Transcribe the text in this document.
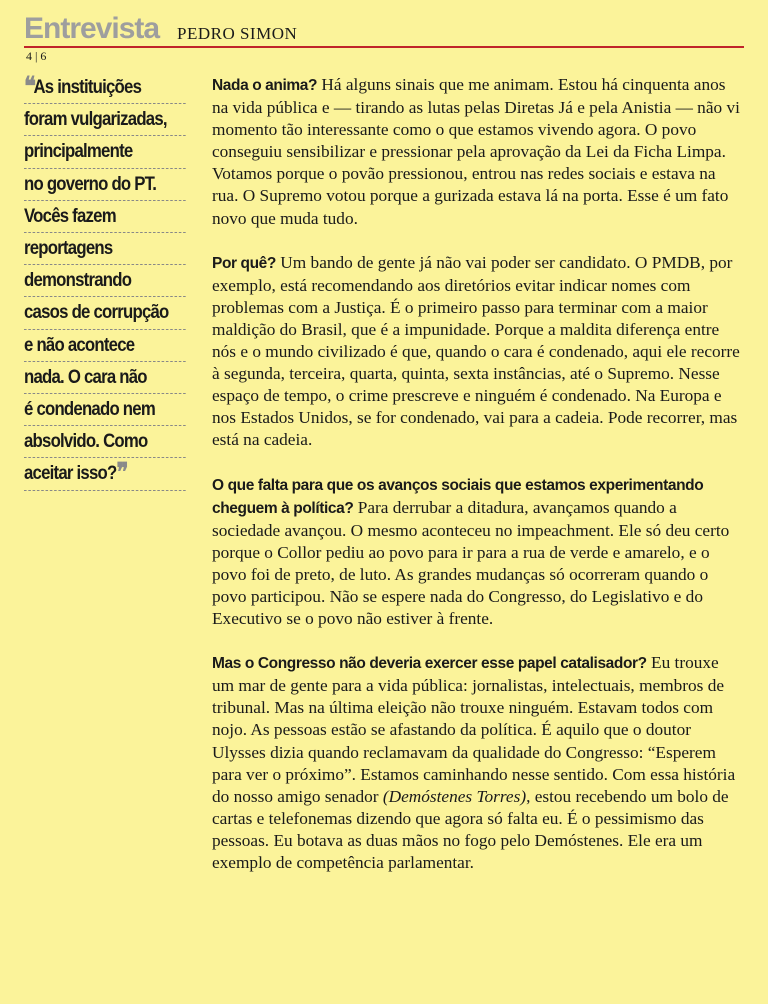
Entrevista PEDRO SIMON
4 | 6
❝As instituições
foram vulgarizadas,
principalmente
no governo do PT.
Vocês fazem
reportagens
demonstrando
casos de corrupção
e não acontece
nada. O cara não
é condenado nem
absolvido. Como
aceitar isso?❞

Nada o anima? Há alguns sinais que me animam. Estou há cinquenta anos na vida pública e — tirando as lutas pelas Diretas Já e pela Anistia — não vi momento tão interessante como o que estamos vivendo agora. O povo conseguiu sensibilizar e pressionar pela aprovação da Lei da Ficha Limpa. Votamos porque o povão pressionou, entrou nas redes sociais e estava na rua. O Supremo votou porque a gurizada estava lá na porta. Esse é um fato novo que muda tudo.

Por quê? Um bando de gente já não vai poder ser candidato. O PMDB, por exemplo, está recomendando aos diretórios evitar indicar nomes com problemas com a Justiça. É o primeiro passo para terminar com a maior maldição do Brasil, que é a impunidade. Porque a maldita diferença entre nós e o mundo civilizado é que, quando o cara é condenado, aqui ele recorre à segunda, terceira, quarta, quinta, sexta instâncias, até o Supremo. Nesse espaço de tempo, o crime prescreve e ninguém é condenado. Na Europa e nos Estados Unidos, se for condenado, vai para a cadeia. Pode recorrer, mas está na cadeia.

O que falta para que os avanços sociais que estamos experimentando cheguem à política? Para derrubar a ditadura, avançamos quando a sociedade avançou. O mesmo aconteceu no impeachment. Ele só deu certo porque o Collor pediu ao povo para ir para a rua de verde e amarelo, e o povo foi de preto, de luto. As grandes mudanças só ocorreram quando o povo participou. Não se espere nada do Congresso, do Legislativo e do Executivo se o povo não estiver à frente.

Mas o Congresso não deveria exercer esse papel catalisador? Eu trouxe um mar de gente para a vida pública: jornalistas, intelectuais, membros de tribunal. Mas na última eleição não trouxe ninguém. Estavam todos com nojo. As pessoas estão se afastando da política. É aquilo que o doutor Ulysses dizia quando reclamavam da qualidade do Congresso: “Esperem para ver o próximo”. Estamos caminhando nesse sentido. Com essa história do nosso amigo senador (Demóstenes Torres), estou recebendo um bolo de cartas e telefonemas dizendo que agora só falta eu. É o pessimismo das pessoas. Eu botava as duas mãos no fogo pelo Demóstenes. Ele era um exemplo de competência parlamentar.
